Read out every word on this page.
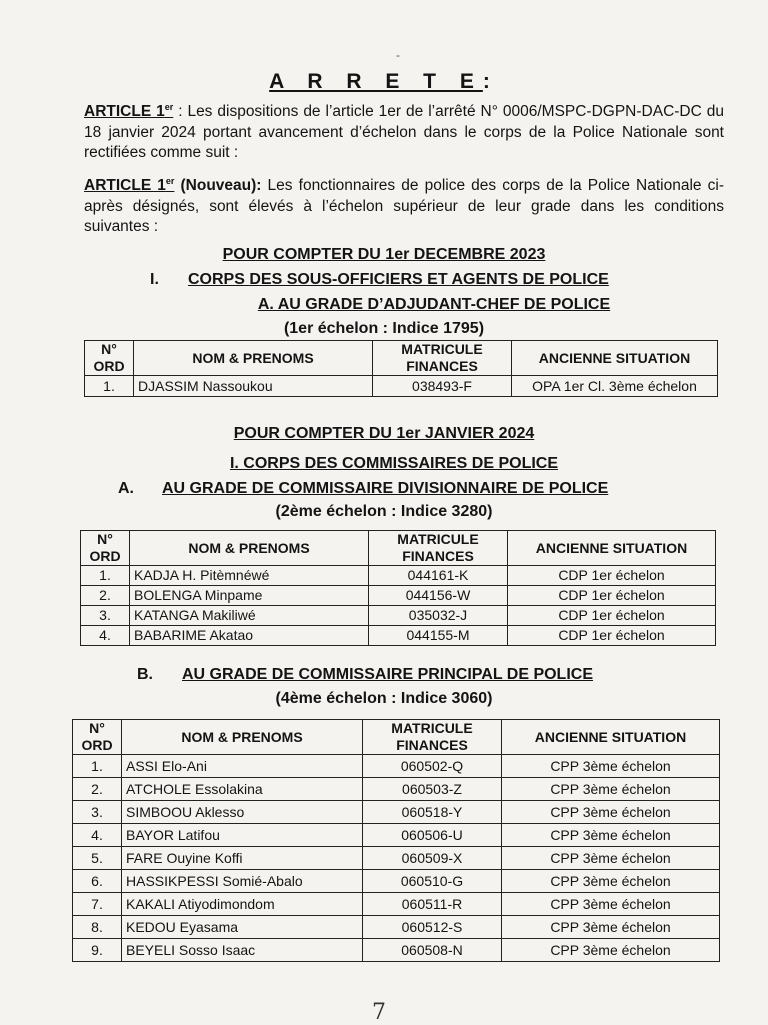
-
A R R E T E:

ARTICLE 1er : Les dispositions de l’article 1er de l’arrêté N° 0006/MSPC-DGPN-DAC-DC du 18 janvier 2024 portant avancement d’échelon dans le corps de la Police Nationale sont rectifiées comme suit :

ARTICLE 1er (Nouveau): Les fonctionnaires de police des corps de la Police Nationale ci-après désignés, sont élevés à l’échelon supérieur de leur grade dans les conditions suivantes :

POUR COMPTER DU 1er DECEMBRE 2023
I. CORPS DES SOUS-OFFICIERS ET AGENTS DE POLICE
A. AU GRADE D’ADJUDANT-CHEF DE POLICE
(1er échelon : Indice 1795)
N° ORD	NOM & PRENOMS	MATRICULE FINANCES	ANCIENNE SITUATION
1.	DJASSIM Nassoukou	038493-F	OPA 1er Cl. 3ème échelon
POUR COMPTER DU 1er JANVIER 2024
I. CORPS DES COMMISSAIRES DE POLICE
A. AU GRADE DE COMMISSAIRE DIVISIONNAIRE DE POLICE
(2ème échelon : Indice 3280)
N° ORD	NOM & PRENOMS	MATRICULE FINANCES	ANCIENNE SITUATION
1.	KADJA H. Pitèmnéwé	044161-K	CDP 1er échelon
2.	BOLENGA Minpame	044156-W	CDP 1er échelon
3.	KATANGA Makiliwé	035032-J	CDP 1er échelon
4.	BABARIME Akatao	044155-M	CDP 1er échelon
B. AU GRADE DE COMMISSAIRE PRINCIPAL DE POLICE
(4ème échelon : Indice 3060)
N° ORD	NOM & PRENOMS	MATRICULE FINANCES	ANCIENNE SITUATION
1.	ASSI Elo-Ani	060502-Q	CPP 3ème échelon
2.	ATCHOLE Essolakina	060503-Z	CPP 3ème échelon
3.	SIMBOOU Aklesso	060518-Y	CPP 3ème échelon
4.	BAYOR Latifou	060506-U	CPP 3ème échelon
5.	FARE Ouyine Koffi	060509-X	CPP 3ème échelon
6.	HASSIKPESSI Somié-Abalo	060510-G	CPP 3ème échelon
7.	KAKALI Atiyodimondom	060511-R	CPP 3ème échelon
8.	KEDOU Eyasama	060512-S	CPP 3ème échelon
9.	BEYELI Sosso Isaac	060508-N	CPP 3ème échelon
7
